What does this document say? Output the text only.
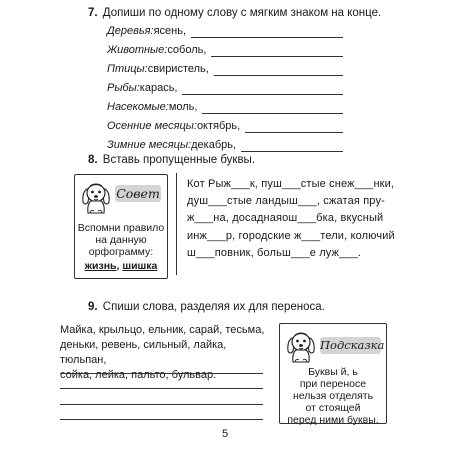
7. Допиши по одному слову с мягким знаком на конце.
Деревья: ясень,
Животные: соболь,
Птицы: свиристель,
Рыбы: карась,
Насекомые: моль,
Осенние месяцы: октябрь,
Зимние месяцы: декабрь,
8. Вставь пропущенные буквы.
Совет
Вспомни правило
на данную
орфограмму:
жизнь, шишка
Кот Рыж___к, пуш___стые снеж___нки,
душ___стые ландыш___, сжатая пру-
ж___на, досаднаяош___бка, вкусный
инж___р, городские ж___тели, колючий
ш___повник, больш___е луж___.
9. Спиши слова, разделяя их для переноса.
Майка, крыльцо, ельник, сарай, тесьма,
деньки, ревень, сильный, лайка, тюльпан,
сойка, лейка, пальто, бульвар.
Подсказка
Буквы й, ь
при переносе
нельзя отделять
от стоящей
перед ними буквы.
5
